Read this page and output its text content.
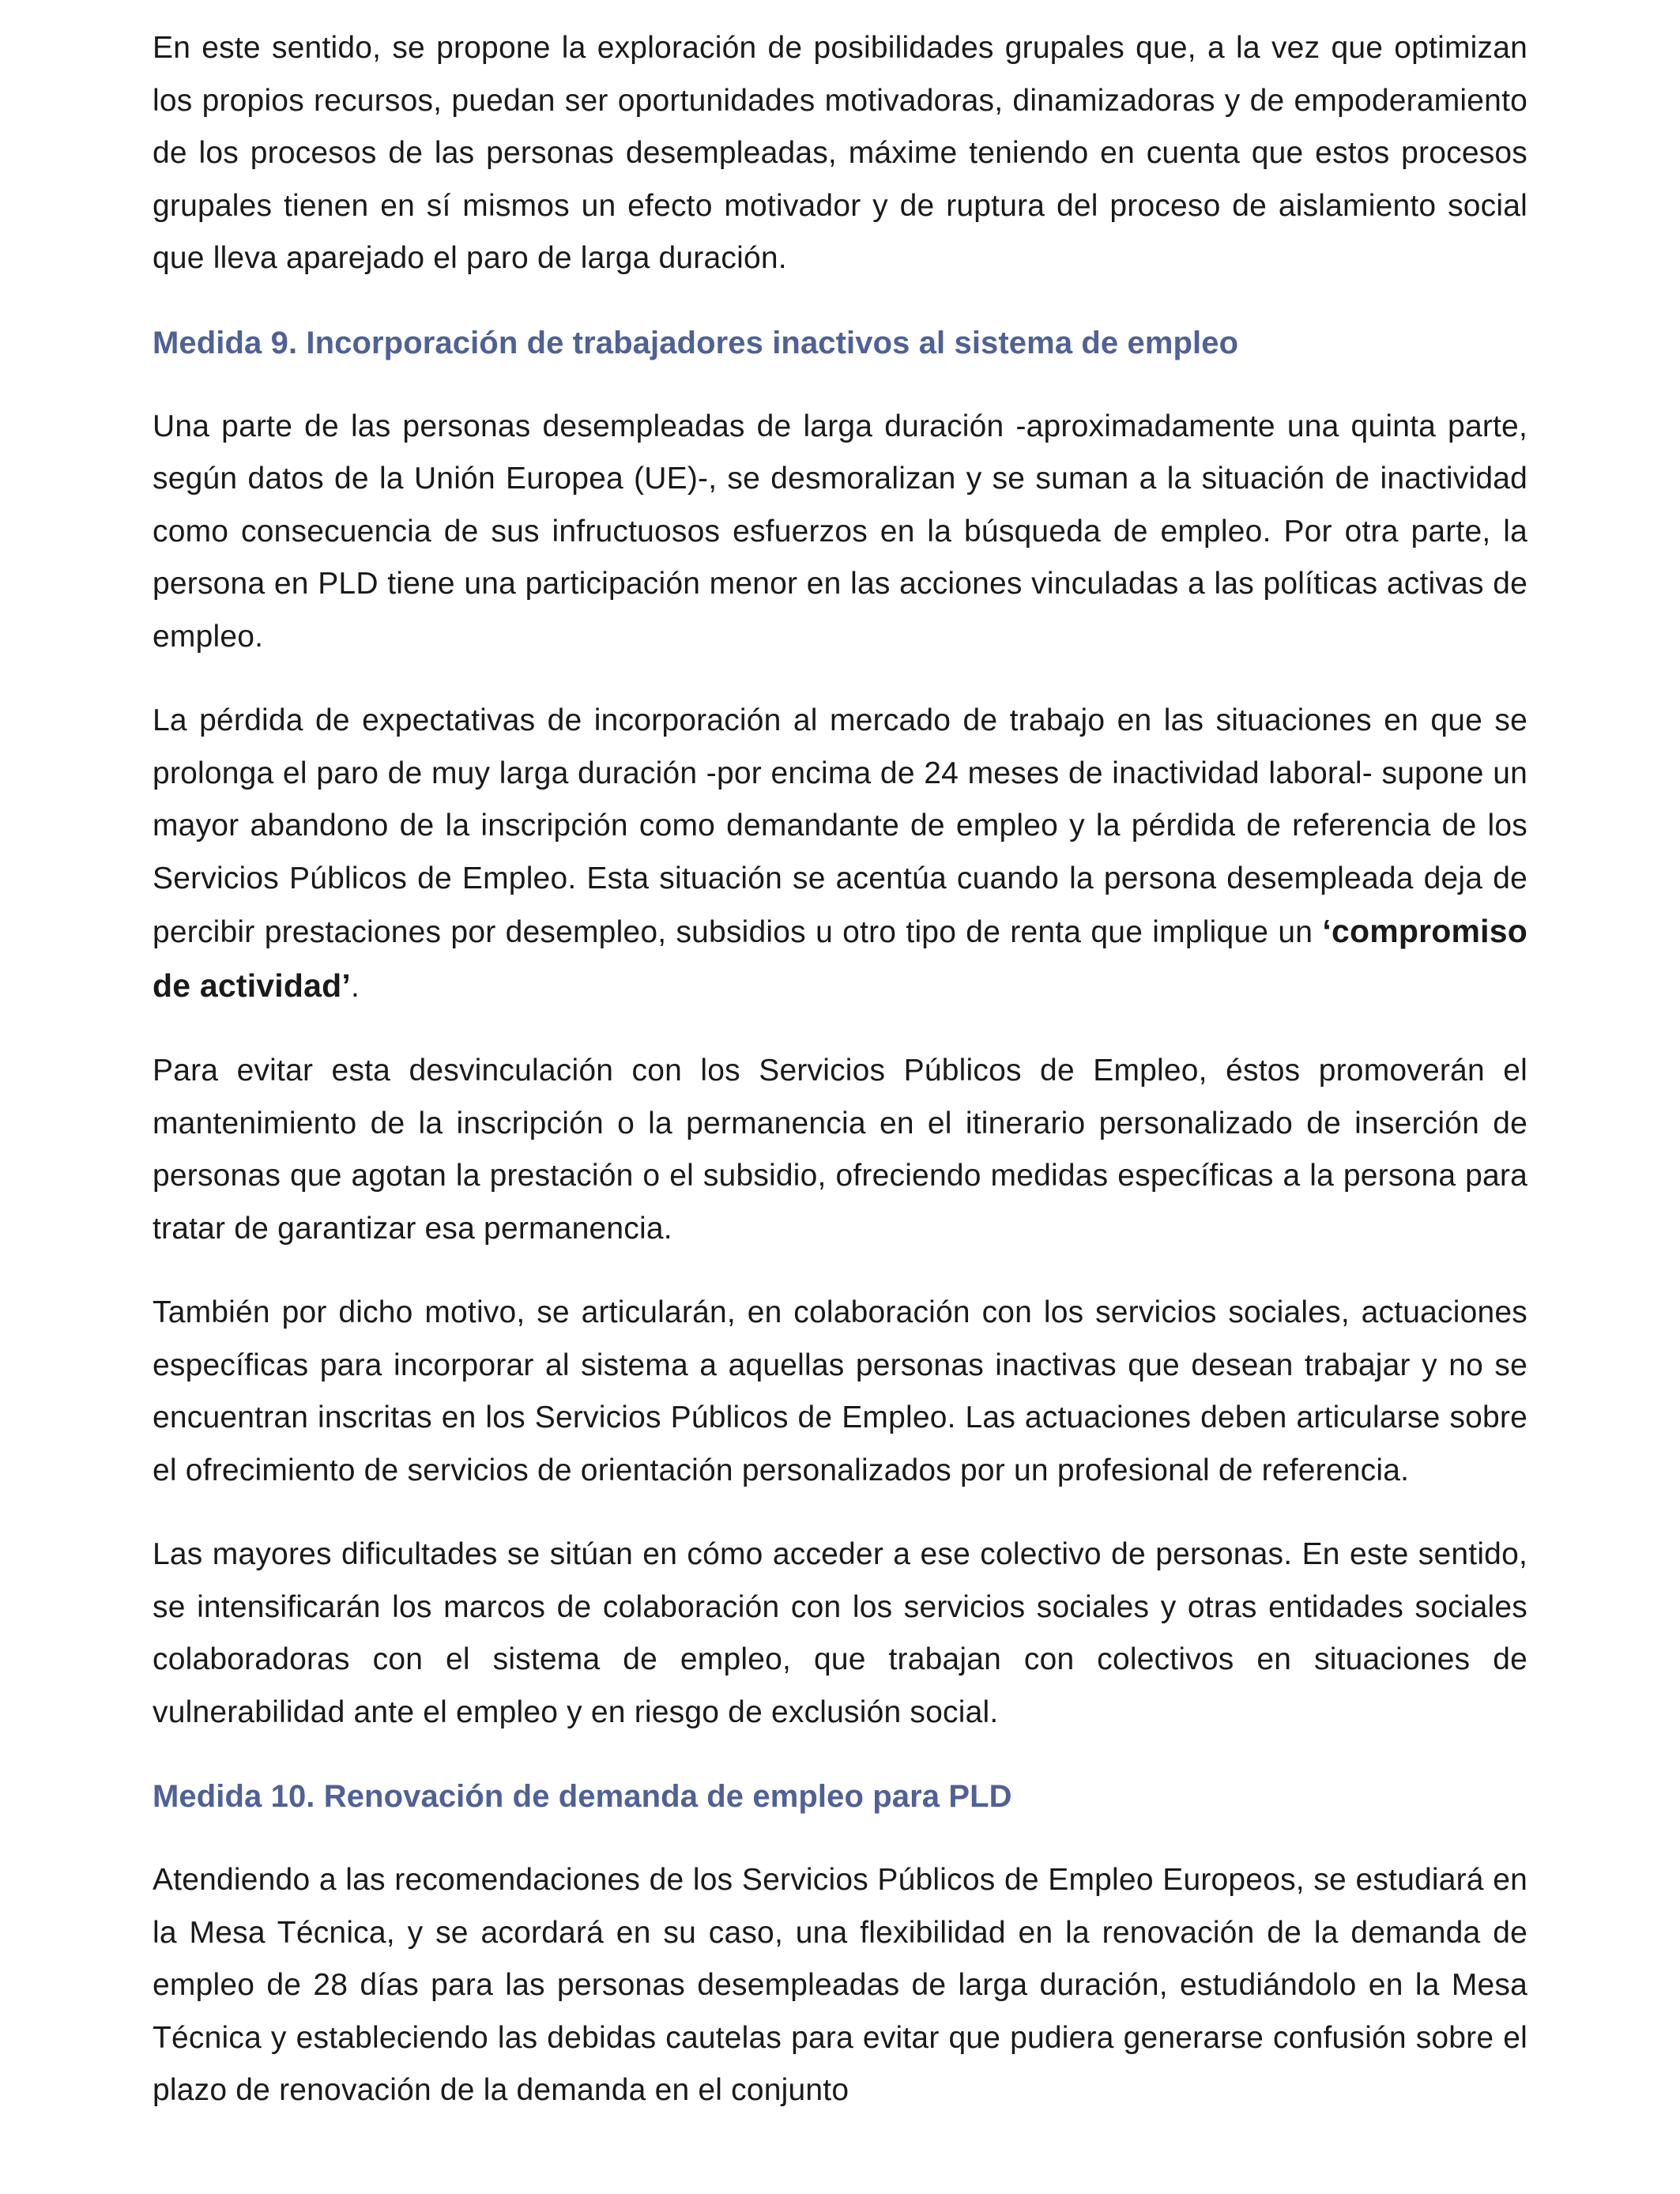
En este sentido, se propone la exploración de posibilidades grupales que, a la vez que optimizan los propios recursos, puedan ser oportunidades motivadoras, dinamizadoras y de empoderamiento de los procesos de las personas desempleadas, máxime teniendo en cuenta que estos procesos grupales tienen en sí mismos un efecto motivador y de ruptura del proceso de aislamiento social que lleva aparejado el paro de larga duración.

Medida 9. Incorporación de trabajadores inactivos al sistema de empleo

Una parte de las personas desempleadas de larga duración -aproximadamente una quinta parte, según datos de la Unión Europea (UE)-, se desmoralizan y se suman a la situación de inactividad como consecuencia de sus infructuosos esfuerzos en la búsqueda de empleo. Por otra parte, la persona en PLD tiene una participación menor en las acciones vinculadas a las políticas activas de empleo.

La pérdida de expectativas de incorporación al mercado de trabajo en las situaciones en que se prolonga el paro de muy larga duración -por encima de 24 meses de inactividad laboral- supone un mayor abandono de la inscripción como demandante de empleo y la pérdida de referencia de los Servicios Públicos de Empleo. Esta situación se acentúa cuando la persona desempleada deja de percibir prestaciones por desempleo, subsidios u otro tipo de renta que implique un ‘compromiso de actividad’.

Para evitar esta desvinculación con los Servicios Públicos de Empleo, éstos promoverán el mantenimiento de la inscripción o la permanencia en el itinerario personalizado de inserción de personas que agotan la prestación o el subsidio, ofreciendo medidas específicas a la persona para tratar de garantizar esa permanencia.

También por dicho motivo, se articularán, en colaboración con los servicios sociales, actuaciones específicas para incorporar al sistema a aquellas personas inactivas que desean trabajar y no se encuentran inscritas en los Servicios Públicos de Empleo. Las actuaciones deben articularse sobre el ofrecimiento de servicios de orientación personalizados por un profesional de referencia.

Las mayores dificultades se sitúan en cómo acceder a ese colectivo de personas. En este sentido, se intensificarán los marcos de colaboración con los servicios sociales y otras entidades sociales colaboradoras con el sistema de empleo, que trabajan con colectivos en situaciones de vulnerabilidad ante el empleo y en riesgo de exclusión social.

Medida 10. Renovación de demanda de empleo para PLD

Atendiendo a las recomendaciones de los Servicios Públicos de Empleo Europeos, se estudiará en la Mesa Técnica, y se acordará en su caso, una flexibilidad en la renovación de la demanda de empleo de 28 días para las personas desempleadas de larga duración, estudiándolo en la Mesa Técnica y estableciendo las debidas cautelas para evitar que pudiera generarse confusión sobre el plazo de renovación de la demanda en el conjunto
